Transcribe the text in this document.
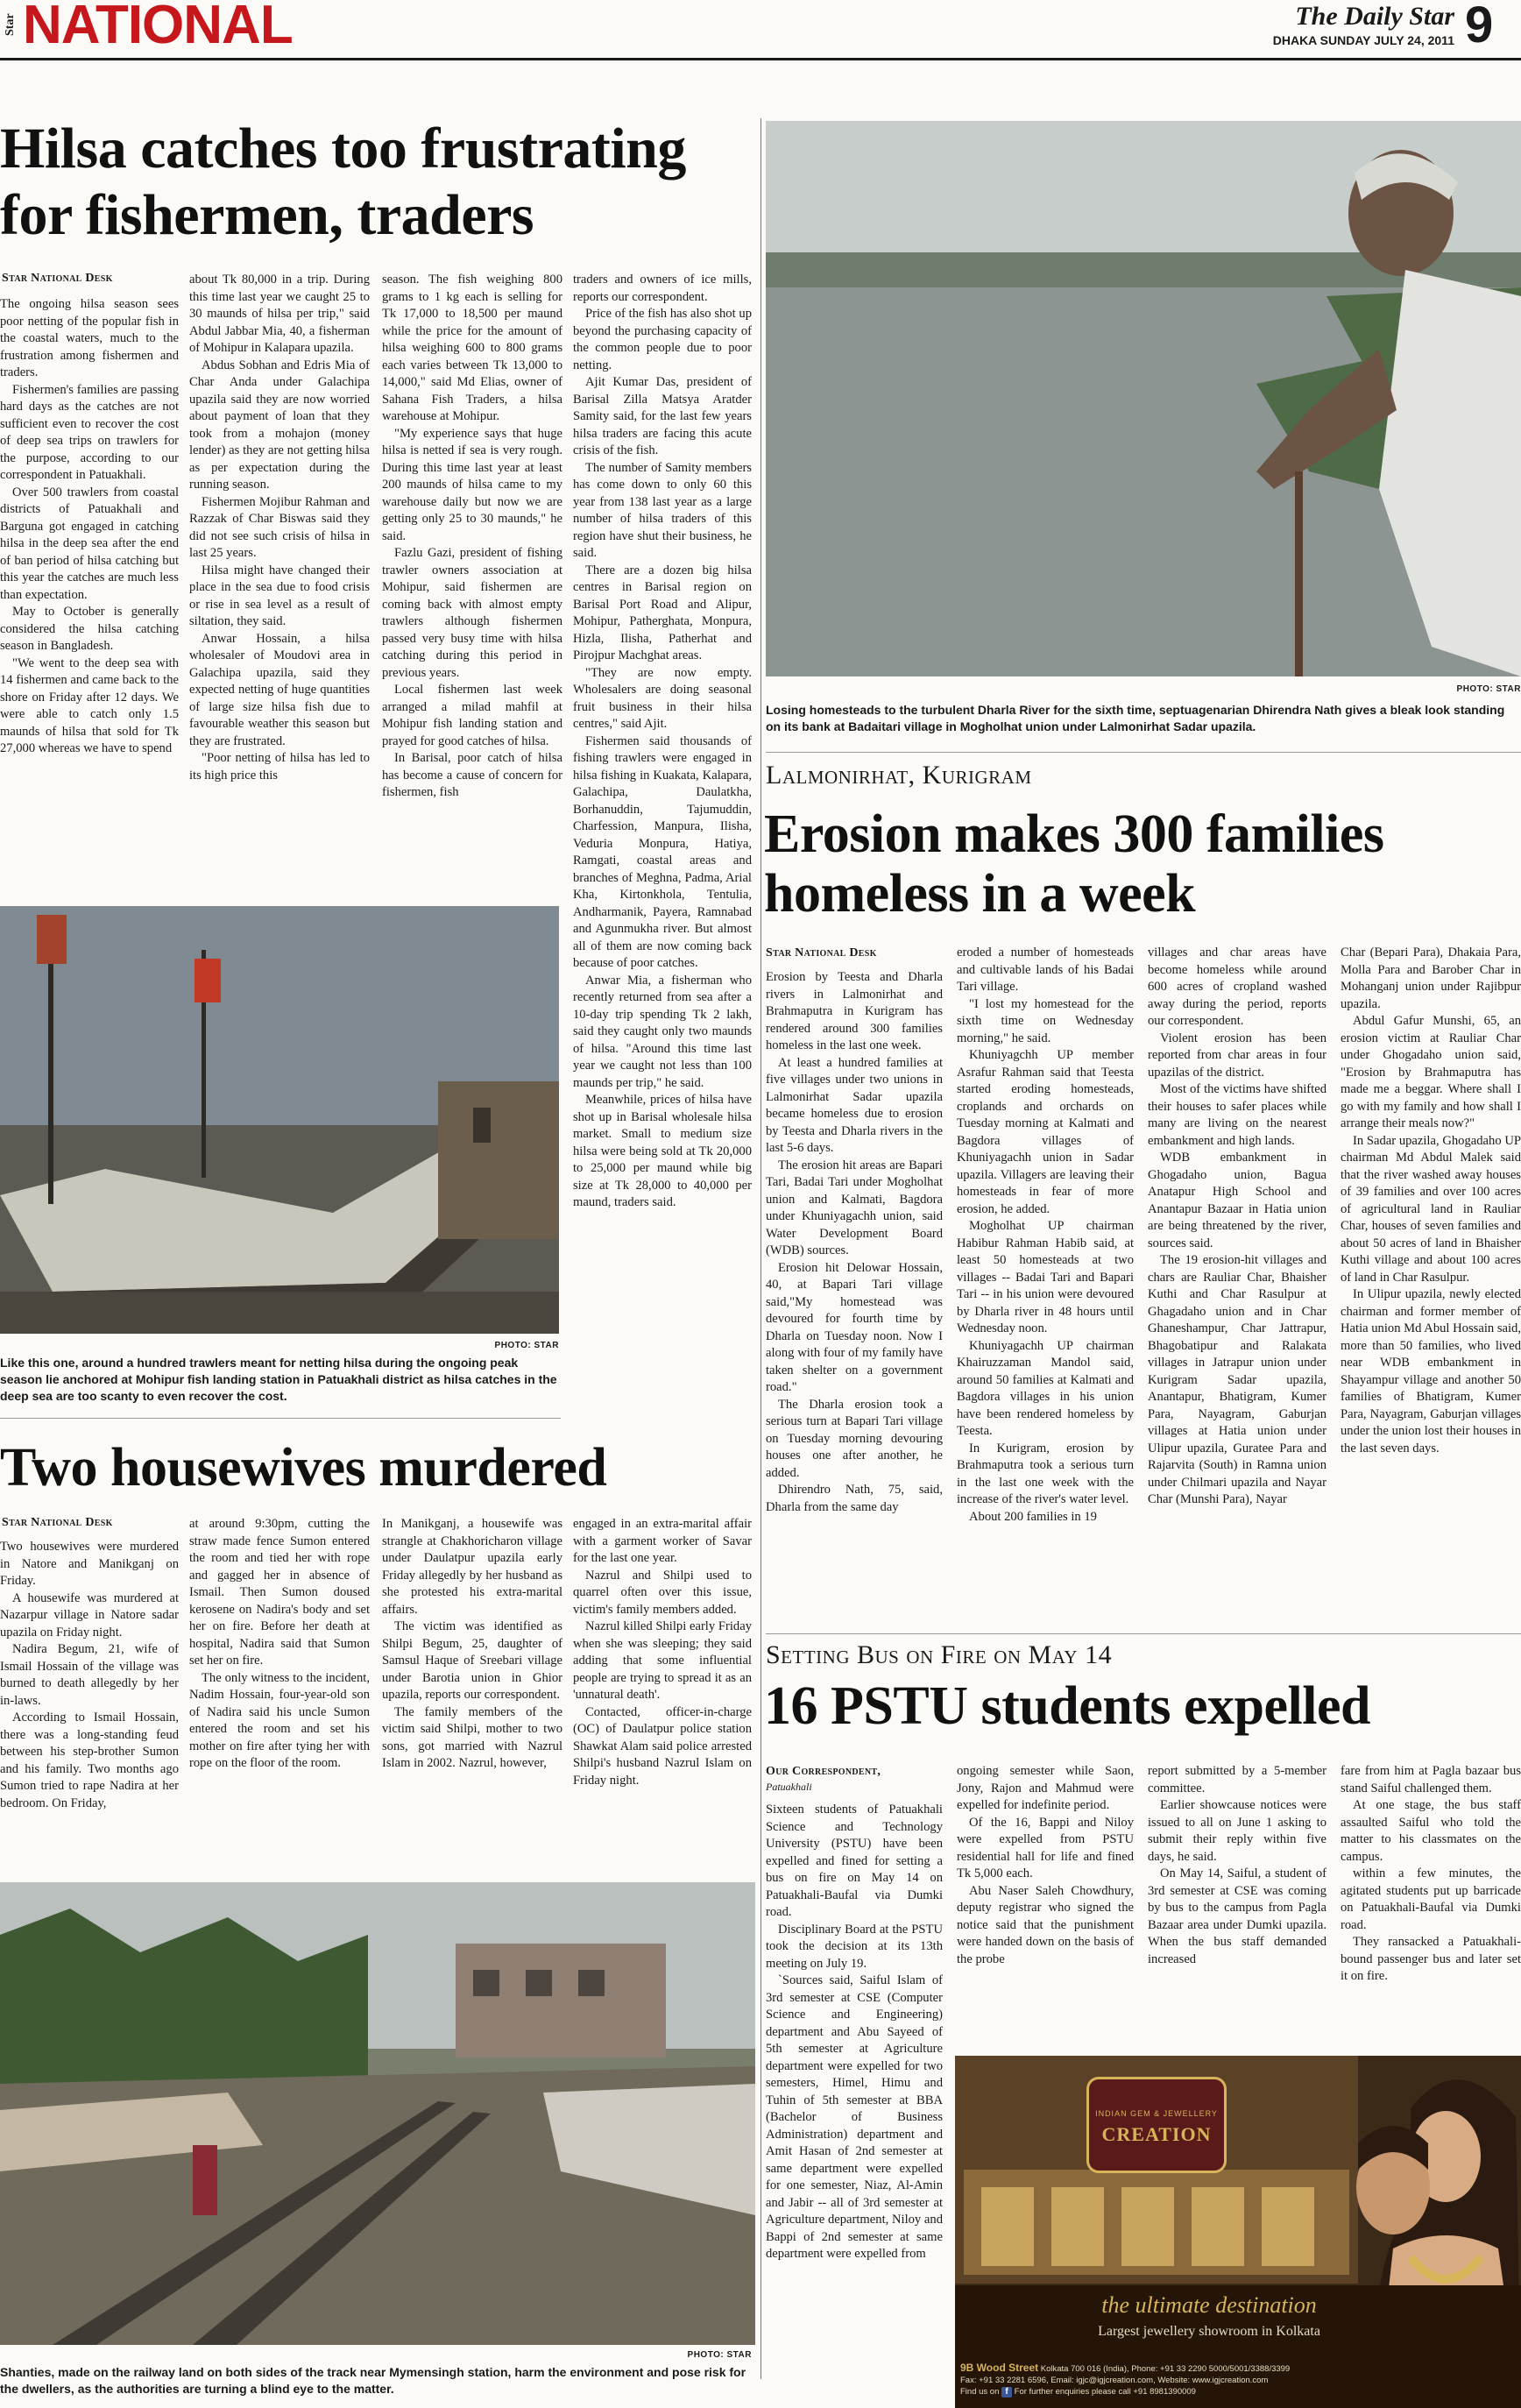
Star NATIONAL	The Daily Star
DHAKA SUNDAY JULY 24, 2011 9
Hilsa catches too frustrating
for fishermen, traders
Star National Desk

The ongoing hilsa season sees poor netting of the popular fish in the coastal waters, much to the frustration among fishermen and traders.

Fishermen's families are passing hard days as the catches are not sufficient even to recover the cost of deep sea trips on trawlers for the purpose, according to our correspondent in Patuakhali.

Over 500 trawlers from coastal districts of Patuakhali and Barguna got engaged in catching hilsa in the deep sea after the end of ban period of hilsa catching but this year the catches are much less than expectation.

May to October is generally considered the hilsa catching season in Bangladesh.

"We went to the deep sea with 14 fishermen and came back to the shore on Friday after 12 days. We were able to catch only 1.5 maunds of hilsa that sold for Tk 27,000 whereas we have to spend

about Tk 80,000 in a trip. During this time last year we caught 25 to 30 maunds of hilsa per trip," said Abdul Jabbar Mia, 40, a fisherman of Mohipur in Kalapara upazila.

Abdus Sobhan and Edris Mia of Char Anda under Galachipa upazila said they are now worried about payment of loan that they took from a mohajon (money lender) as they are not getting hilsa as per expectation during the running season.

Fishermen Mojibur Rahman and Razzak of Char Biswas said they did not see such crisis of hilsa in last 25 years.

Hilsa might have changed their place in the sea due to food crisis or rise in sea level as a result of siltation, they said.

Anwar Hossain, a hilsa wholesaler of Moudovi area in Galachipa upazila, said they expected netting of huge quantities of large size hilsa fish due to favourable weather this season but they are frustrated.

"Poor netting of hilsa has led to its high price this

season. The fish weighing 800 grams to 1 kg each is selling for Tk 17,000 to 18,500 per maund while the price for the amount of hilsa weighing 600 to 800 grams each varies between Tk 13,000 to 14,000," said Md Elias, owner of Sahana Fish Traders, a hilsa warehouse at Mohipur.

"My experience says that huge hilsa is netted if sea is very rough. During this time last year at least 200 maunds of hilsa came to my warehouse daily but now we are getting only 25 to 30 maunds," he said.

Fazlu Gazi, president of fishing trawler owners association at Mohipur, said fishermen are coming back with almost empty trawlers although fishermen passed very busy time with hilsa catching during this period in previous years.

Local fishermen last week arranged a milad mahfil at Mohipur fish landing station and prayed for good catches of hilsa.

In Barisal, poor catch of hilsa has become a cause of concern for fishermen, fish

traders and owners of ice mills, reports our correspondent.

Price of the fish has also shot up beyond the purchasing capacity of the common people due to poor netting.

Ajit Kumar Das, president of Barisal Zilla Matsya Aratder Samity said, for the last few years hilsa traders are facing this acute crisis of the fish.

The number of Samity members has come down to only 60 this year from 138 last year as a large number of hilsa traders of this region have shut their business, he said.

There are a dozen big hilsa centres in Barisal region on Barisal Port Road and Alipur, Mohipur, Patherghata, Monpura, Hizla, Ilisha, Patherhat and Pirojpur Machghat areas.

"They are now empty. Wholesalers are doing seasonal fruit business in their hilsa centres," said Ajit.

Fishermen said thousands of fishing trawlers were engaged in hilsa fishing in Kuakata, Kalapara, Galachipa, Daulatkha, Borhanuddin, Tajumuddin, Charfession, Manpura, Ilisha, Veduria Monpura, Hatiya, Ramgati, coastal areas and branches of Meghna, Padma, Arial Kha, Kirtonkhola, Tentulia, Andharmanik, Payera, Ramnabad and Agunmukha river. But almost all of them are now coming back because of poor catches.

Anwar Mia, a fisherman who recently returned from sea after a 10-day trip spending Tk 2 lakh, said they caught only two maunds of hilsa. "Around this time last year we caught not less than 100 maunds per trip," he said.

Meanwhile, prices of hilsa have shot up in Barisal wholesale hilsa market. Small to medium size hilsa were being sold at Tk 20,000 to 25,000 per maund while big size at Tk 28,000 to 40,000 per maund, traders said.

PHOTO: STAR
Like this one, around a hundred trawlers meant for netting hilsa during the ongoing peak season lie anchored at Mohipur fish landing station in Patuakhali district as hilsa catches in the deep sea are too scanty to even recover the cost.
PHOTO: STAR
Losing homesteads to the turbulent Dharla River for the sixth time, septuagenarian Dhirendra Nath gives a bleak look standing on its bank at Badaitari village in Mogholhat union under Lalmonirhat Sadar upazila.
Lalmonirhat, Kurigram
Erosion makes 300 families
homeless in a week
Star National Desk

Erosion by Teesta and Dharla rivers in Lalmonirhat and Brahmaputra in Kurigram has rendered around 300 families homeless in the last one week.

At least a hundred families at five villages under two unions in Lalmonirhat Sadar upazila became homeless due to erosion by Teesta and Dharla rivers in the last 5-6 days.

The erosion hit areas are Bapari Tari, Badai Tari under Mogholhat union and Kalmati, Bagdora under Khuniyagachh union, said Water Development Board (WDB) sources.

Erosion hit Delowar Hossain, 40, at Bapari Tari village said,"My homestead was devoured for fourth time by Dharla on Tuesday noon. Now I along with four of my family have taken shelter on a government road."

The Dharla erosion took a serious turn at Bapari Tari village on Tuesday morning devouring houses one after another, he added.

Dhirendro Nath, 75, said, Dharla from the same day

eroded a number of homesteads and cultivable lands of his Badai Tari village.

"I lost my homestead for the sixth time on Wednesday morning," he said.

Khuniyagchh UP member Asrafur Rahman said that Teesta started eroding homesteads, croplands and orchards on Tuesday morning at Kalmati and Bagdora villages of Khuniyagachh union in Sadar upazila. Villagers are leaving their homesteads in fear of more erosion, he added.

Mogholhat UP chairman Habibur Rahman Habib said, at least 50 homesteads at two villages -- Badai Tari and Bapari Tari -- in his union were devoured by Dharla river in 48 hours until Wednesday noon.

Khuniyagachh UP chairman Khairuzzaman Mandol said, around 50 families at Kalmati and Bagdora villages in his union have been rendered homeless by Teesta.

In Kurigram, erosion by Brahmaputra took a serious turn in the last one week with the increase of the river's water level.

About 200 families in 19

villages and char areas have become homeless while around 600 acres of cropland washed away during the period, reports our correspondent.

Violent erosion has been reported from char areas in four upazilas of the district.

Most of the victims have shifted their houses to safer places while many are living on the nearest embankment and high lands.

WDB embankment in Ghogadaho union, Bagua Anatapur High School and Anantapur Bazaar in Hatia union are being threatened by the river, sources said.

The 19 erosion-hit villages and chars are Rauliar Char, Bhaisher Kuthi and Char Rasulpur at Ghagadaho union and in Char Ghaneshampur, Char Jattrapur, Bhagobatipur and Ralakata villages in Jatrapur union under Kurigram Sadar upazila, Anantapur, Bhatigram, Kumer Para, Nayagram, Gaburjan villages at Hatia union under Ulipur upazila, Guratee Para and Rajarvita (South) in Ramna union under Chilmari upazila and Nayar Char (Munshi Para), Nayar

Char (Bepari Para), Dhakaia Para, Molla Para and Barober Char in Mohanganj union under Rajibpur upazila.

Abdul Gafur Munshi, 65, an erosion victim at Rauliar Char under Ghogadaho union said, "Erosion by Brahmaputra has made me a beggar. Where shall I go with my family and how shall I arrange their meals now?"

In Sadar upazila, Ghogadaho UP chairman Md Abdul Malek said that the river washed away houses of 39 families and over 100 acres of agricultural land in Rauliar Char, houses of seven families and about 50 acres of land in Bhaisher Kuthi village and about 100 acres of land in Char Rasulpur.

In Ulipur upazila, newly elected chairman and former member of Hatia union Md Abul Hossain said, more than 50 families, who lived near WDB embankment in Shayampur village and another 50 families of Bhatigram, Kumer Para, Nayagram, Gaburjan villages under the union lost their houses in the last seven days.

Two housewives murdered
Star National Desk

Two housewives were murdered in Natore and Manikganj on Friday.

A housewife was murdered at Nazarpur village in Natore sadar upazila on Friday night.

Nadira Begum, 21, wife of Ismail Hossain of the village was burned to death allegedly by her in-laws.

According to Ismail Hossain, there was a long-standing feud between his step-brother Sumon and his family. Two months ago Sumon tried to rape Nadira at her bedroom. On Friday,

at around 9:30pm, cutting the straw made fence Sumon entered the room and tied her with rope and gagged her in absence of Ismail. Then Sumon doused kerosene on Nadira's body and set her on fire. Before her death at hospital, Nadira said that Sumon set her on fire.

The only witness to the incident, Nadim Hossain, four-year-old son of Nadira said his uncle Sumon entered the room and set his mother on fire after tying her with rope on the floor of the room.

In Manikganj, a housewife was strangle at Chakhoricharon village under Daulatpur upazila early Friday allegedly by her husband as she protested his extra-marital affairs.

The victim was identified as Shilpi Begum, 25, daughter of Samsul Haque of Sreebari village under Barotia union in Ghior upazila, reports our correspondent.

The family members of the victim said Shilpi, mother to two sons, got married with Nazrul Islam in 2002. Nazrul, however,

engaged in an extra-marital affair with a garment worker of Savar for the last one year.

Nazrul and Shilpi used to quarrel often over this issue, victim's family members added.

Nazrul killed Shilpi early Friday when she was sleeping; they said adding that some influential people are trying to spread it as an 'unnatural death'.

Contacted, officer-in-charge (OC) of Daulatpur police station Shawkat Alam said police arrested Shilpi's husband Nazrul Islam on Friday night.

PHOTO: STAR
Shanties, made on the railway land on both sides of the track near Mymensingh station, harm the environment and pose risk for the dwellers, as the authorities are turning a blind eye to the matter.
Setting Bus on Fire on May 14
16 PSTU students expelled
Our Correspondent,
Patuakhali

Sixteen students of Patuakhali Science and Technology University (PSTU) have been expelled and fined for setting a bus on fire on May 14 on Patuakhali-Baufal via Dumki road.

Disciplinary Board at the PSTU took the decision at its 13th meeting on July 19.

`Sources said, Saiful Islam of 3rd semester at CSE (Computer Science and Engineering) department and Abu Sayeed of 5th semester at Agriculture department were expelled for two semesters, Himel, Himu and Tuhin of 5th semester at BBA (Bachelor of Business Administration) department and Amit Hasan of 2nd semester at same department were expelled for one semester, Niaz, Al-Amin and Jabir -- all of 3rd semester at Agriculture department, Niloy and Bappi of 2nd semester at same department were expelled from

ongoing semester while Saon, Jony, Rajon and Mahmud were expelled for indefinite period.

Of the 16, Bappi and Niloy were expelled from PSTU residential hall for life and fined Tk 5,000 each.

Abu Naser Saleh Chowdhury, deputy registrar who signed the notice said that the punishment were handed down on the basis of the probe

report submitted by a 5-member committee.

Earlier showcause notices were issued to all on June 1 asking to submit their reply within five days, he said.

On May 14, Saiful, a student of 3rd semester at CSE was coming by bus to the campus from Pagla Bazaar area under Dumki upazila. When the bus staff demanded increased

fare from him at Pagla bazaar bus stand Saiful challenged them.

At one stage, the bus staff assaulted Saiful who told the matter to his classmates on the campus.

within a few minutes, the agitated students put up barricade on Patuakhali-Baufal via Dumki road.

They ransacked a Patuakhali-bound passenger bus and later set it on fire.

INDIAN GEM & JEWELLERY
CREATION
the ultimate destination
Largest jewellery showroom in Kolkata
9B Wood Street Kolkata 700 016 (India), Phone: +91 33 2290 5000/5001/3388/3399
Fax: +91 33 2281 6596, Email: igjc@igjcreation.com, Website: www.igjcreation.com
Find us on f For further enquiries please call +91 8981390009
